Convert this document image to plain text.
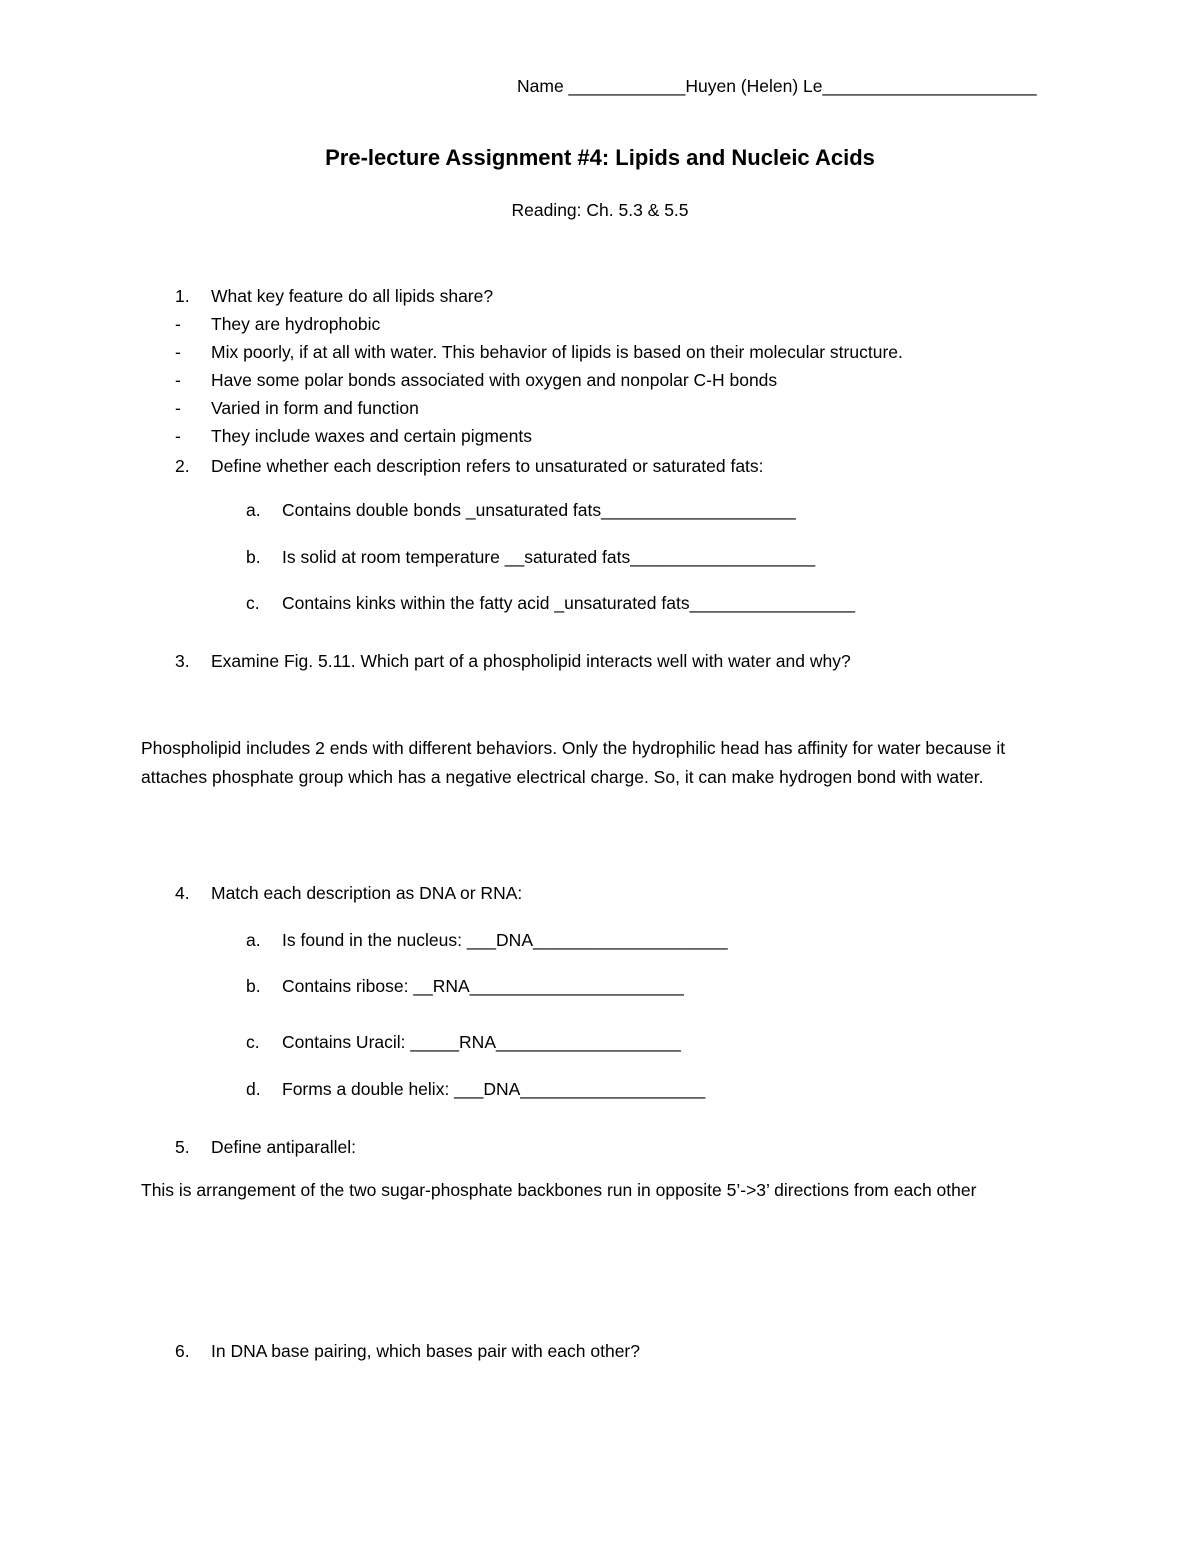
Name ____________Huyen (Helen) Le______________________
Pre-lecture Assignment #4: Lipids and Nucleic Acids
Reading: Ch. 5.3 & 5.5
1. What key feature do all lipids share?
- They are hydrophobic
- Mix poorly, if at all with water. This behavior of lipids is based on their molecular structure.
- Have some polar bonds associated with oxygen and nonpolar C-H bonds
- Varied in form and function
- They include waxes and certain pigments
2. Define whether each description refers to unsaturated or saturated fats:
a. Contains double bonds _unsaturated fats____________________
b. Is solid at room temperature __saturated fats___________________
c. Contains kinks within the fatty acid _unsaturated fats_________________
3. Examine Fig. 5.11. Which part of a phospholipid interacts well with water and why?
Phospholipid includes 2 ends with different behaviors. Only the hydrophilic head has affinity for water because it attaches phosphate group which has a negative electrical charge. So, it can make hydrogen bond with water.
4. Match each description as DNA or RNA:
a. Is found in the nucleus: ___DNA____________________
b. Contains ribose: __RNA______________________
c. Contains Uracil: _____RNA___________________
d. Forms a double helix: ___DNA___________________
5. Define antiparallel:
This is arrangement of the two sugar-phosphate backbones run in opposite 5’->3’ directions from each other
6. In DNA base pairing, which bases pair with each other?
